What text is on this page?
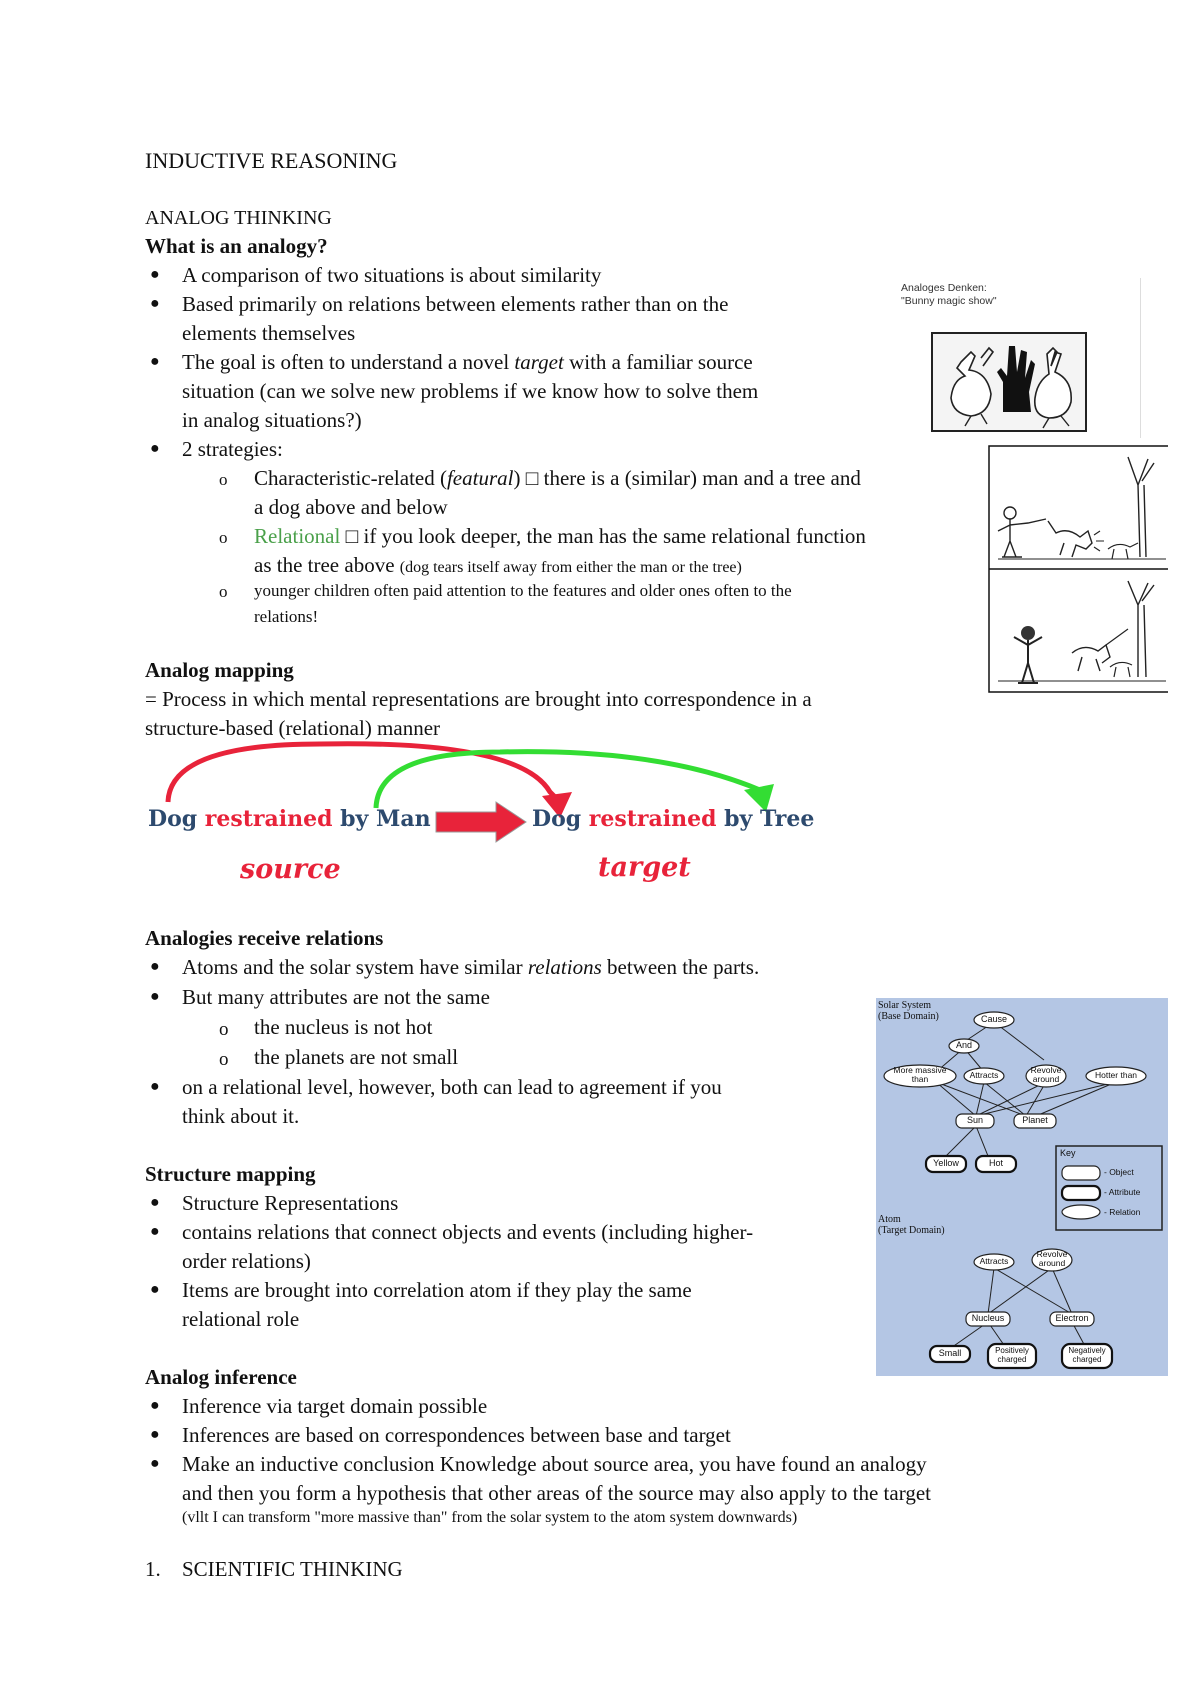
INDUCTIVE REASONING
ANALOG THINKING
What is an analogy?
● A comparison of two situations is about similarity
● Based primarily on relations between elements rather than on the
elements themselves
● The goal is often to understand a novel target with a familiar source
situation (can we solve new problems if we know how to solve them
in analog situations?)
● 2 strategies:
o Characteristic-related (featural) □ there is a (similar) man and a tree and
a dog above and below
o Relational □ if you look deeper, the man has the same relational function
as the tree above (dog tears itself away from either the man or the tree)
o younger children often paid attention to the features and older ones often to the
relations!
Analoges Denken:
"Bunny magic show"
Analog mapping
= Process in which mental representations are brought into correspondence in a
structure-based (relational) manner
Dog restrained by Man	Dog restrained by Tree
source	target
Analogies receive relations
● Atoms and the solar system have similar relations between the parts.
● But many attributes are not the same
o the nucleus is not hot
o the planets are not small
● on a relational level, however, both can lead to agreement if you
think about it.
Structure mapping
● Structure Representations
● contains relations that connect objects and events (including higher-
order relations)
● Items are brought into correlation atom if they play the same
relational role
Analog inference
● Inference via target domain possible
● Inferences are based on correspondences between base and target
● Make an inductive conclusion Knowledge about source area, you have found an analogy
and then you form a hypothesis that other areas of the source may also apply to the target
(vllt I can transform "more massive than" from the solar system to the atom system downwards)
1. SCIENTIFIC THINKING
Solar System
(Base Domain)	Cause
And
More massive
than	Attracts	Revolve
around	Hotter than
Sun	Planet
Yellow	Hot
Key
- Object
- Attribute
- Relation
Atom
(Target Domain)
Attracts
Revolve
around
Nucleus	Electron
Small	Positively
charged
Negatively
charged
